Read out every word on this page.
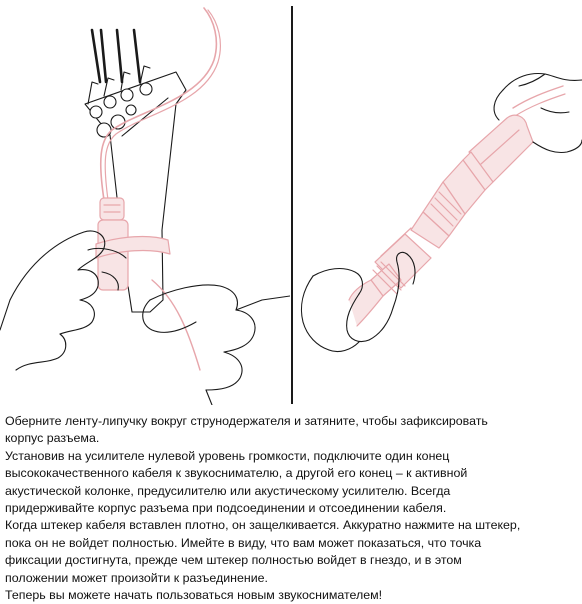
Оберните ленту-липучку вокруг струнодержателя и затяните, чтобы зафиксировать

корпус разъема.

Установив на усилителе нулевой уровень громкости, подключите один конец

высококачественного кабеля к звукоснимателю, а другой его конец – к активной

акустической колонке, предусилителю или акустическому усилителю. Всегда

придерживайте корпус разъема при подсоединении и отсоединении кабеля.

Когда штекер кабеля вставлен плотно, он защелкивается. Аккуратно нажмите на штекер,

пока он не войдет полностью. Имейте в виду, что вам может показаться, что точка

фиксации достигнута, прежде чем штекер полностью войдет в гнездо, и в этом

положении может произойти к разъединение.

Теперь вы можете начать пользоваться новым звукоснимателем!
